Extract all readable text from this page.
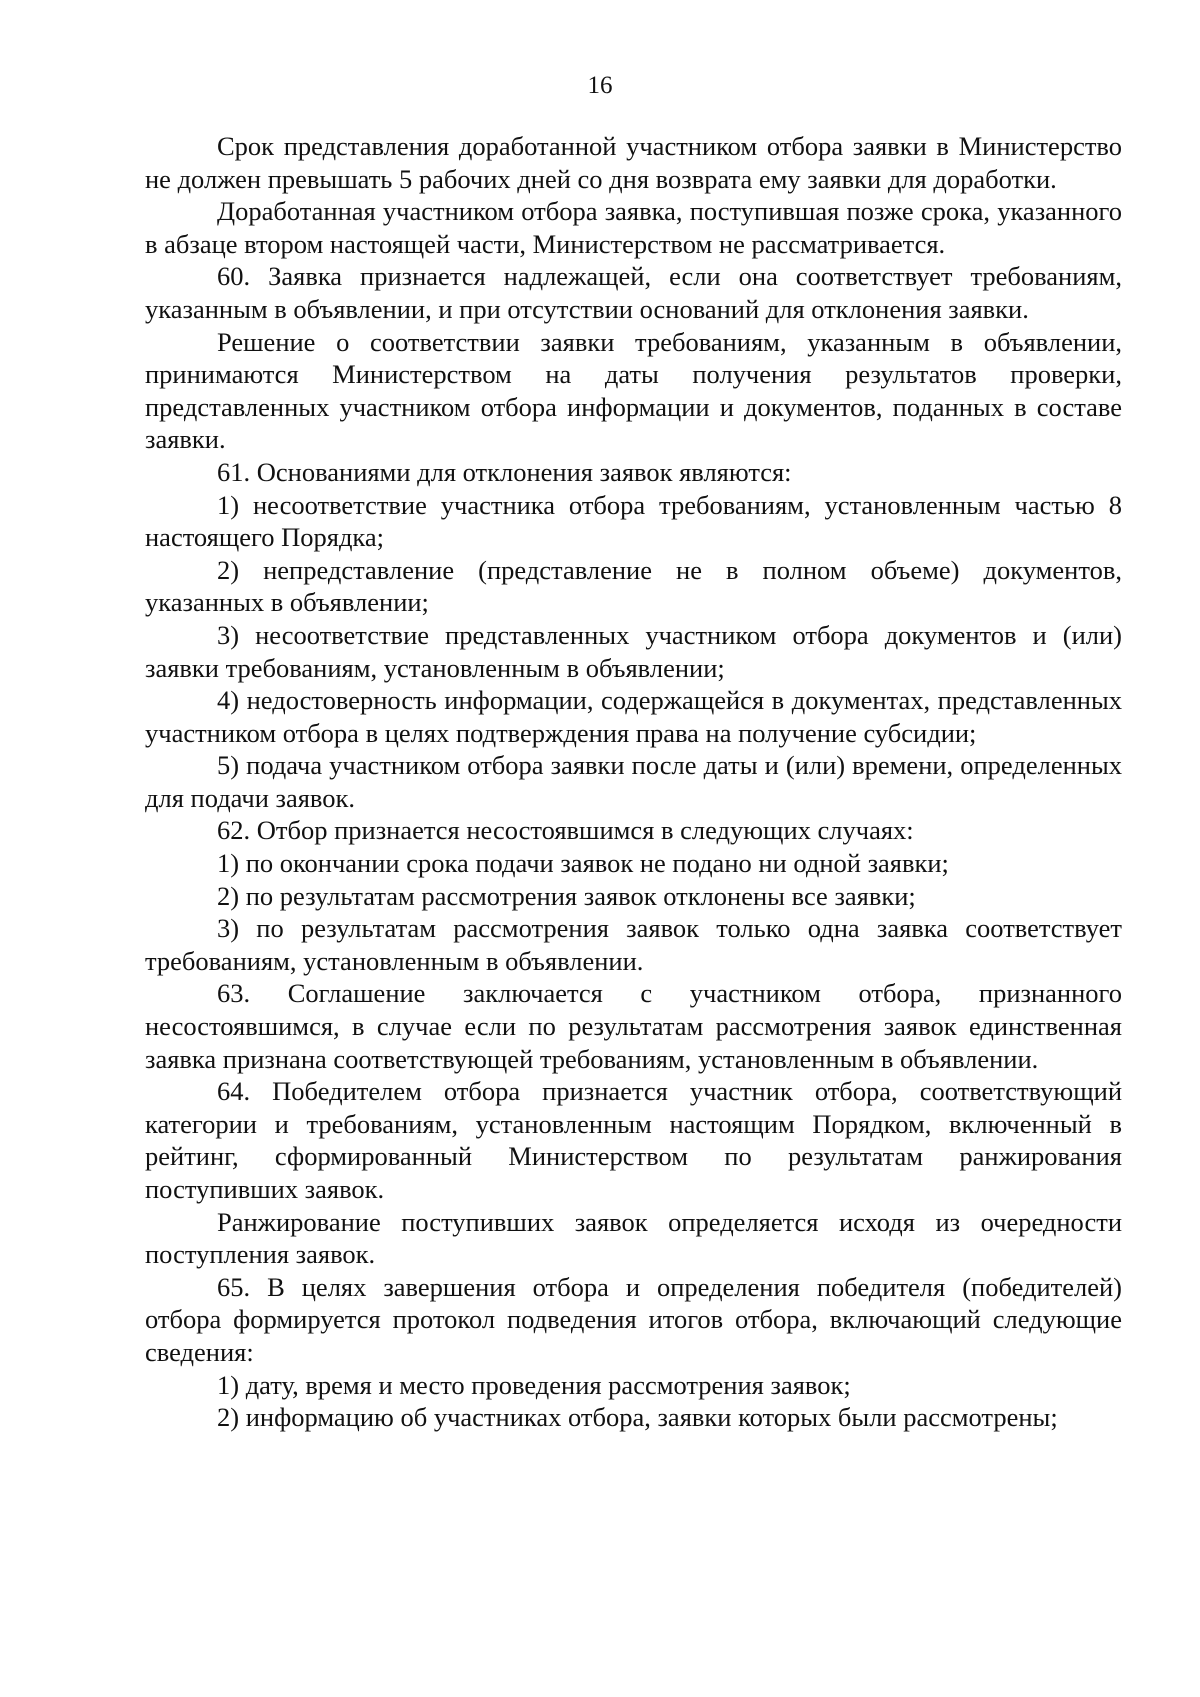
16

Срок представления доработанной участником отбора заявки в Министерство не должен превышать 5 рабочих дней со дня возврата ему заявки для доработки.

Доработанная участником отбора заявка, поступившая позже срока, указанного в абзаце втором настоящей части, Министерством не рассматривается.

60. Заявка признается надлежащей, если она соответствует требованиям, указанным в объявлении, и при отсутствии оснований для отклонения заявки.

Решение о соответствии заявки требованиям, указанным в объявлении, принимаются Министерством на даты получения результатов проверки, представленных участником отбора информации и документов, поданных в составе заявки.

61. Основаниями для отклонения заявок являются:

1) несоответствие участника отбора требованиям, установленным частью 8 настоящего Порядка;

2) непредставление (представление не в полном объеме) документов, указанных в объявлении;

3) несоответствие представленных участником отбора документов и (или) заявки требованиям, установленным в объявлении;

4) недостоверность информации, содержащейся в документах, представленных участником отбора в целях подтверждения права на получение субсидии;

5) подача участником отбора заявки после даты и (или) времени, определенных для подачи заявок.

62. Отбор признается несостоявшимся в следующих случаях:

1) по окончании срока подачи заявок не подано ни одной заявки;

2) по результатам рассмотрения заявок отклонены все заявки;

3) по результатам рассмотрения заявок только одна заявка соответствует требованиям, установленным в объявлении.

63. Соглашение заключается с участником отбора, признанного несостоявшимся, в случае если по результатам рассмотрения заявок единственная заявка признана соответствующей требованиям, установленным в объявлении.

64. Победителем отбора признается участник отбора, соответствующий категории и требованиям, установленным настоящим Порядком, включенный в рейтинг, сформированный Министерством по результатам ранжирования поступивших заявок.

Ранжирование поступивших заявок определяется исходя из очередности поступления заявок.

65. В целях завершения отбора и определения победителя (победителей) отбора формируется протокол подведения итогов отбора, включающий следующие сведения:

1) дату, время и место проведения рассмотрения заявок;

2) информацию об участниках отбора, заявки которых были рассмотрены;
